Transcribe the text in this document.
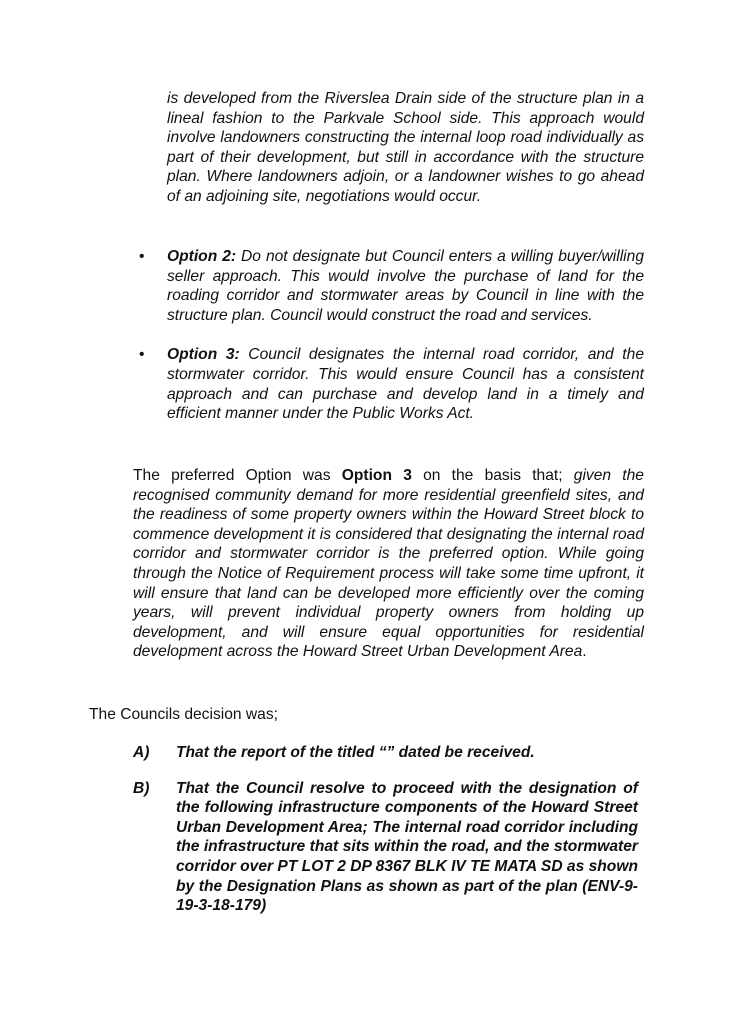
is developed from the Riverslea Drain side of the structure plan in a lineal fashion to the Parkvale School side. This approach would involve landowners constructing the internal loop road individually as part of their development, but still in accordance with the structure plan. Where landowners adjoin, or a landowner wishes to go ahead of an adjoining site, negotiations would occur.

• Option 2: Do not designate but Council enters a willing buyer/willing seller approach. This would involve the purchase of land for the roading corridor and stormwater areas by Council in line with the structure plan. Council would construct the road and services.
• Option 3: Council designates the internal road corridor, and the stormwater corridor. This would ensure Council has a consistent approach and can purchase and develop land in a timely and efficient manner under the Public Works Act.

The preferred Option was Option 3 on the basis that; given the recognised community demand for more residential greenfield sites, and the readiness of some property owners within the Howard Street block to commence development it is considered that designating the internal road corridor and stormwater corridor is the preferred option. While going through the Notice of Requirement process will take some time upfront, it will ensure that land can be developed more efficiently over the coming years, will prevent individual property owners from holding up development, and will ensure equal opportunities for residential development across the Howard Street Urban Development Area.

The Councils decision was;
A) That the report of the titled “” dated be received.
B) That the Council resolve to proceed with the designation of the following infrastructure components of the Howard Street Urban Development Area; The internal road corridor including the infrastructure that sits within the road, and the stormwater corridor over PT LOT 2 DP 8367 BLK IV TE MATA SD as shown by the Designation Plans as shown as part of the plan (ENV-9-19-3-18-179)
